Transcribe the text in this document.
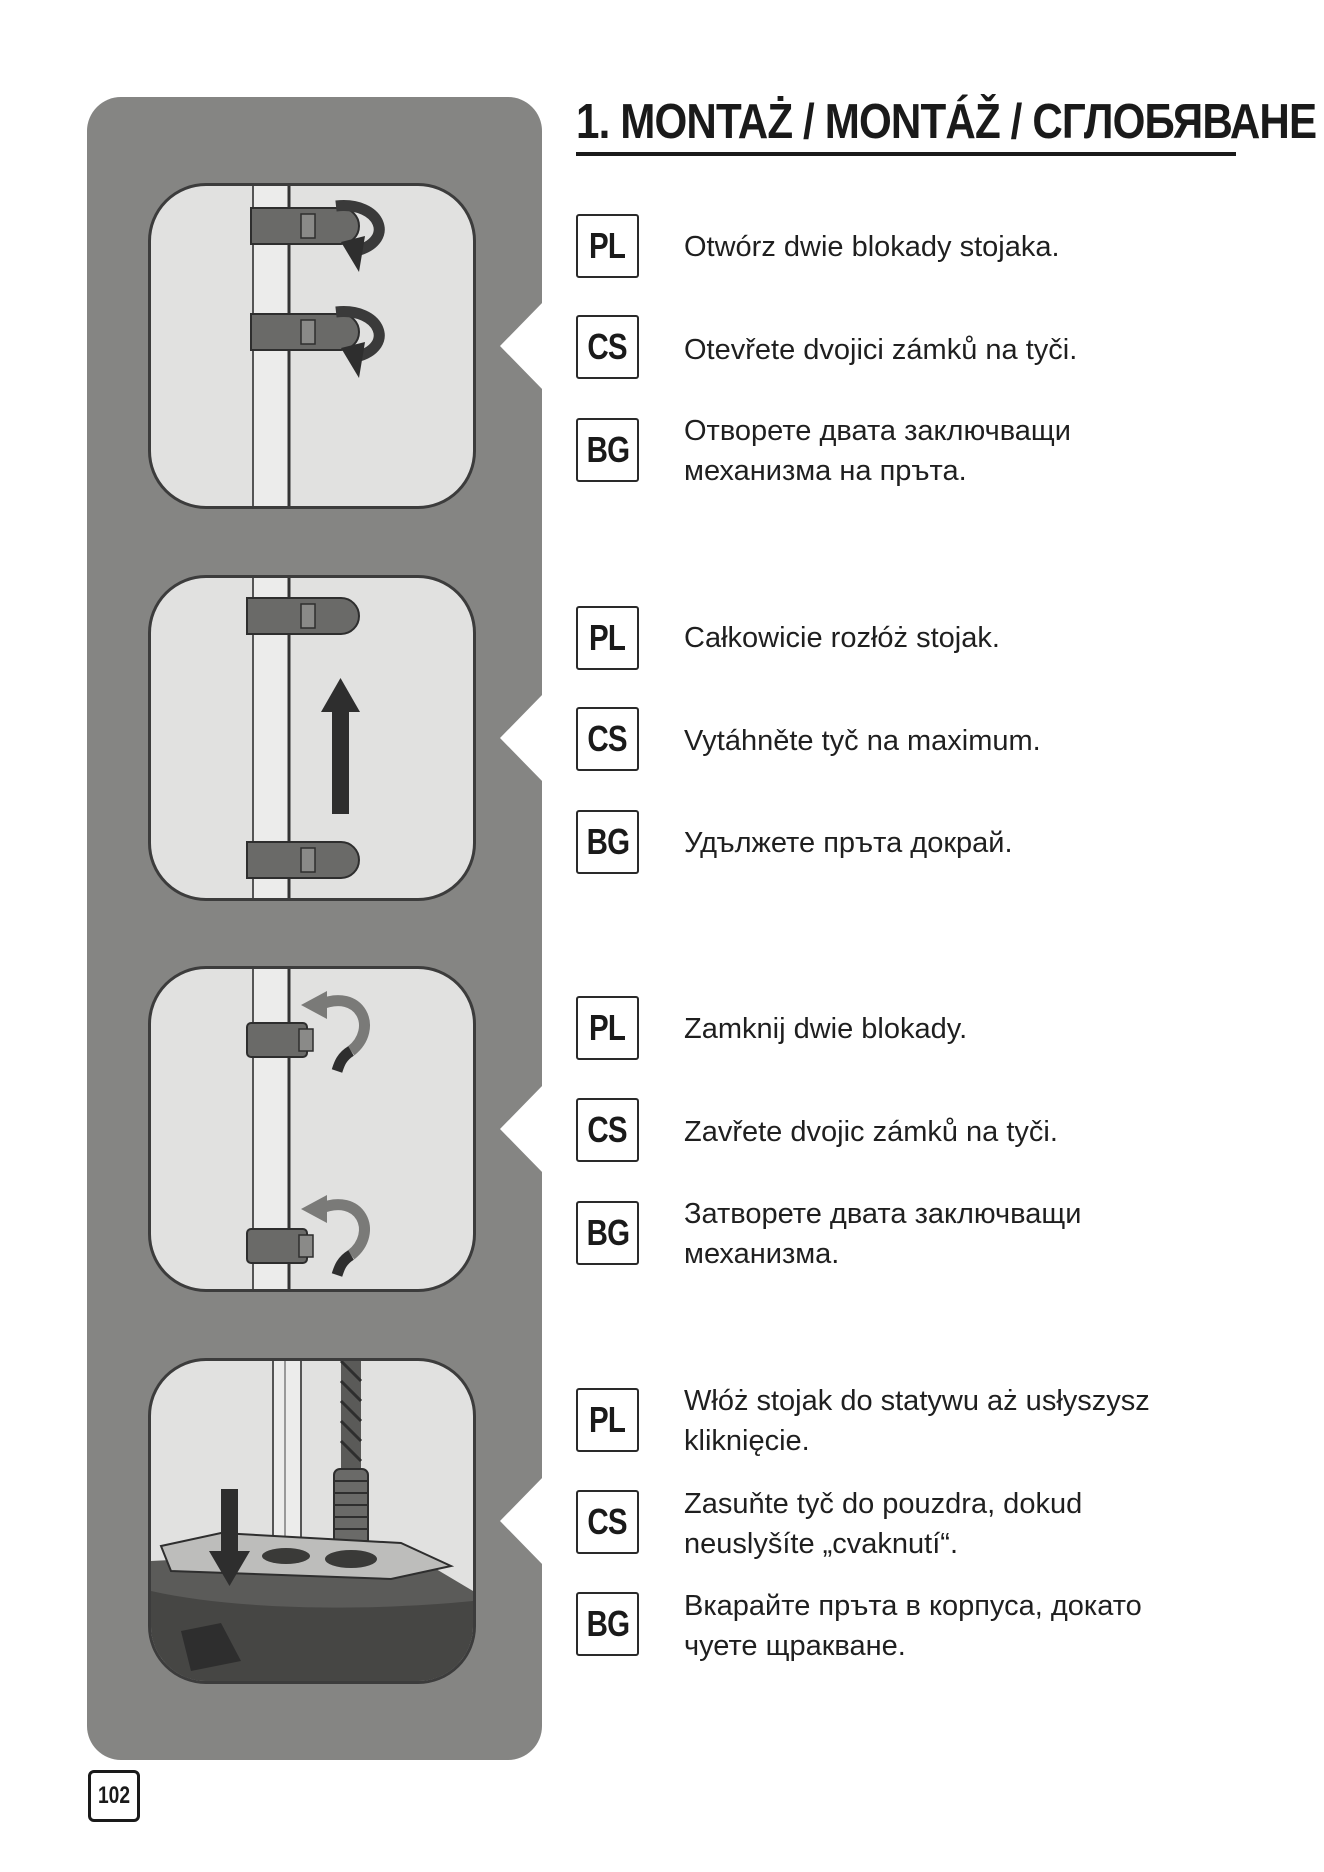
1. MONTAŻ / MONTÁŽ / СГЛОБЯВАНЕ
PL Otwórz dwie blokady stojaka.
CS Otevřete dvojici zámků na tyči.
BG Отворете двата заключващи механизма на пръта.
PL Całkowicie rozłóż stojak.
CS Vytáhněte tyč na maximum.
BG Удължете пръта докрай.
PL Zamknij dwie blokady.
CS Zavřete dvojic zámků na tyči.
BG Затворете двата заключващи механизма.
PL Włóż stojak do statywu aż usłyszysz kliknięcie.
CS Zasuňte tyč do pouzdra, dokud neuslyšíte „cvaknutí“.
BG Вкарайте пръта в корпуса, докато чуете щракване.
102
